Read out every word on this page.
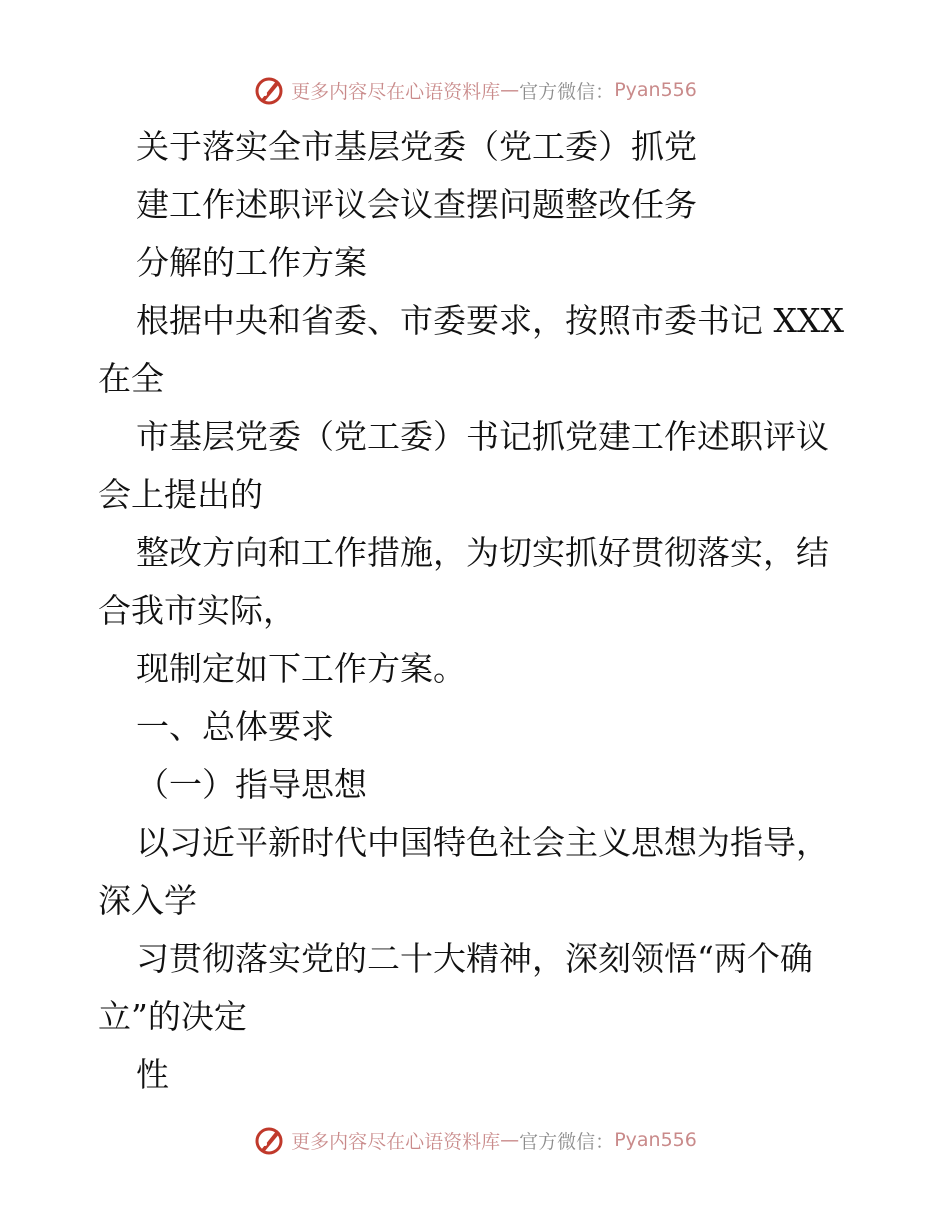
更多内容尽在心语资料库 — 官方微信： Pyan556

关于落实全市基层党委（党工委）抓党

建工作述职评议会议查摆问题整改任务

分解的工作方案

根据中央和省委、市委要求，按照市委书记 XXX 在全

市基层党委（党工委）书记抓党建工作述职评议会上提出的

整改方向和工作措施，为切实抓好贯彻落实，结合我市实际，

现制定如下工作方案。

一、总体要求

（一）指导思想

以习近平新时代中国特色社会主义思想为指导，深入学

习贯彻落实党的二十大精神，深刻领悟“两个确立”的决定

性

更多内容尽在心语资料库 — 官方微信： Pyan556
